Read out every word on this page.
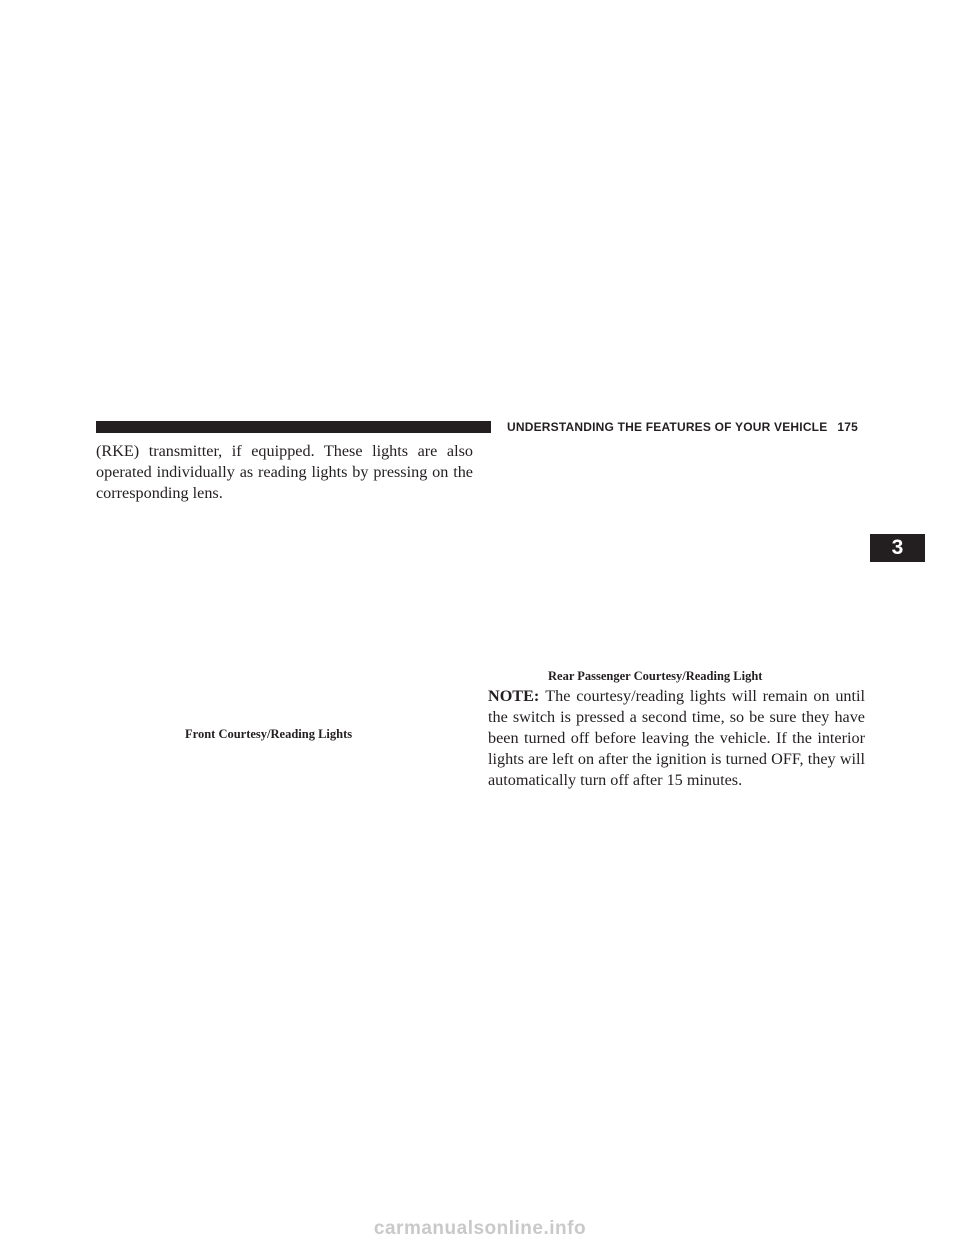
UNDERSTANDING THE FEATURES OF YOUR VEHICLE 175

(RKE) transmitter, if equipped. These lights are also operated individually as reading lights by pressing on the corresponding lens.

Front Courtesy/Reading Lights
Rear Passenger Courtesy/Reading Light

NOTE: The courtesy/reading lights will remain on until the switch is pressed a second time, so be sure they have been turned off before leaving the vehicle. If the interior lights are left on after the ignition is turned OFF, they will automatically turn off after 15 minutes.

3
carmanualsonline.info
